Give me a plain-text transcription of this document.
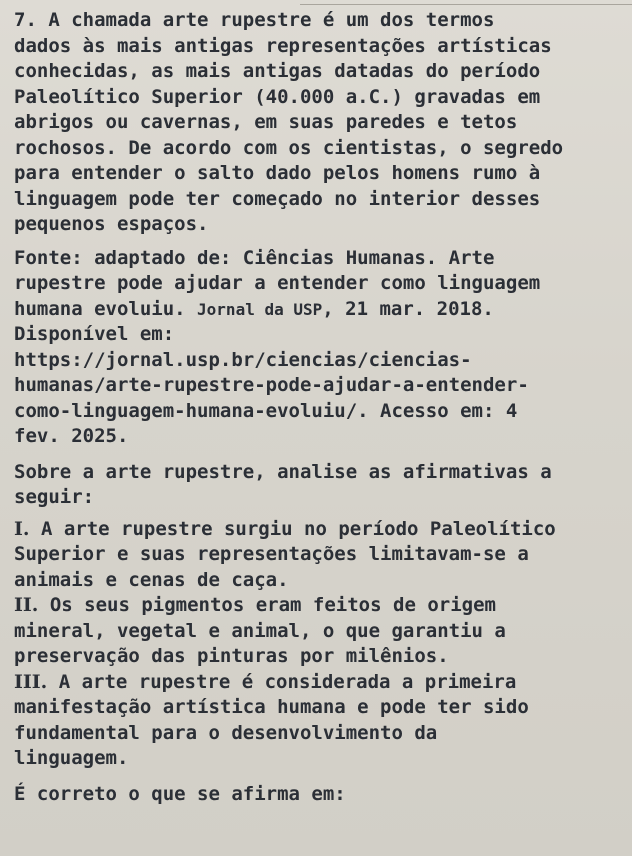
7. A chamada arte rupestre é um dos termos
dados às mais antigas representações artísticas
conhecidas, as mais antigas datadas do período
Paleolítico Superior (40.000 a.C.) gravadas em
abrigos ou cavernas, em suas paredes e tetos
rochosos. De acordo com os cientistas, o segredo
para entender o salto dado pelos homens rumo à
linguagem pode ter começado no interior desses
pequenos espaços.
Fonte: adaptado de: Ciências Humanas. Arte
rupestre pode ajudar a entender como linguagem
humana evoluiu. Jornal da USP, 21 mar. 2018.
Disponível em:
https://jornal.usp.br/ciencias/ciencias-
humanas/arte-rupestre-pode-ajudar-a-entender-
como-linguagem-humana-evoluiu/. Acesso em: 4
fev. 2025.
Sobre a arte rupestre, analise as afirmativas a
seguir:
I. A arte rupestre surgiu no período Paleolítico
Superior e suas representações limitavam-se a
animais e cenas de caça.
II. Os seus pigmentos eram feitos de origem
mineral, vegetal e animal, o que garantiu a
preservação das pinturas por milênios.
III. A arte rupestre é considerada a primeira
manifestação artística humana e pode ter sido
fundamental para o desenvolvimento da
linguagem.
É correto o que se afirma em:
